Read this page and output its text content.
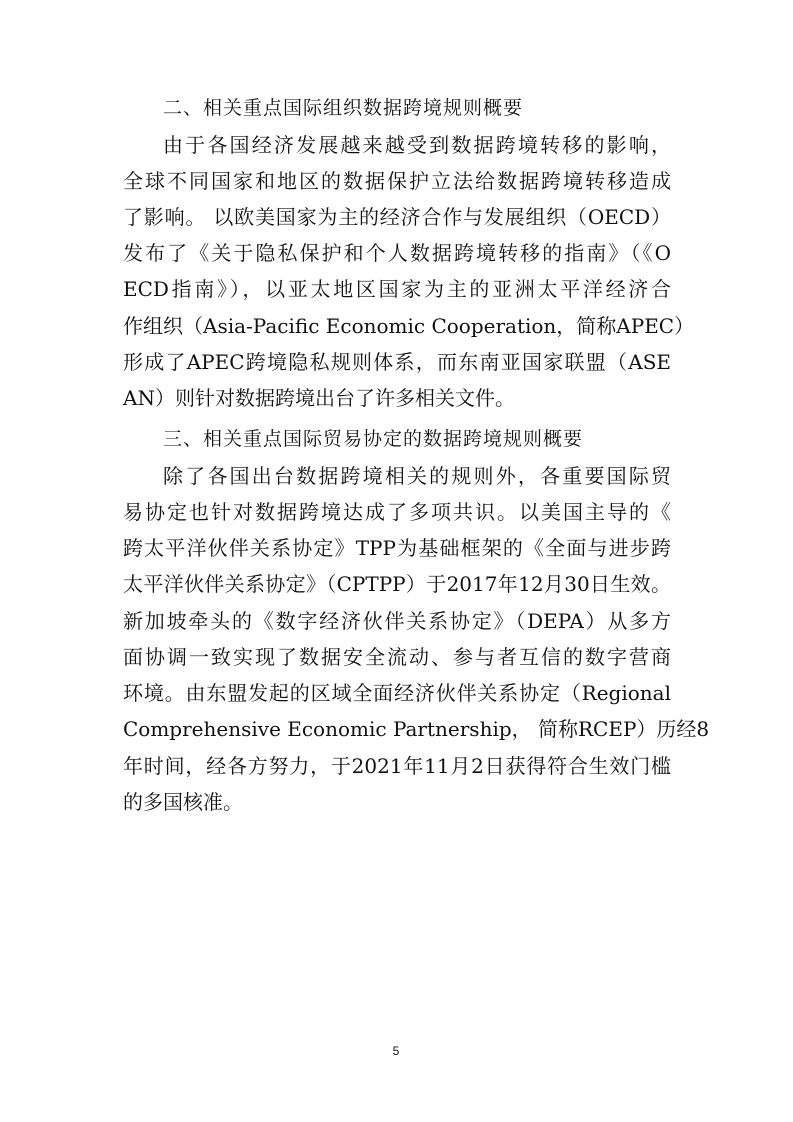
二、相关重点国际组织数据跨境规则概要
由于各国经济发展越来越受到数据跨境转移的影响，
全球不同国家和地区的数据保护立法给数据跨境转移造成
了影响。 以欧美国家为主的经济合作与发展组织（OECD）
发布了《关于隐私保护和个人数据跨境转移的指南》（《O
ECD指南》），以亚太地区国家为主的亚洲太平洋经济合
作组织（Asia-Pacific Economic Cooperation，简称APEC）
形成了APEC跨境隐私规则体系，而东南亚国家联盟（ASE
AN）则针对数据跨境出台了许多相关文件。
三、相关重点国际贸易协定的数据跨境规则概要
除了各国出台数据跨境相关的规则外，各重要国际贸
易协定也针对数据跨境达成了多项共识。以美国主导的《
跨太平洋伙伴关系协定》TPP为基础框架的《全面与进步跨
太平洋伙伴关系协定》（CPTPP）于2017年12月30日生效。
新加坡牵头的《数字经济伙伴关系协定》（DEPA）从多方
面协调一致实现了数据安全流动、参与者互信的数字营商
环境。由东盟发起的区域全面经济伙伴关系协定（Regional
Comprehensive Economic Partnership， 简称RCEP）历经8
年时间，经各方努力，于2021年11月2日获得符合生效门槛
的多国核准。
5
